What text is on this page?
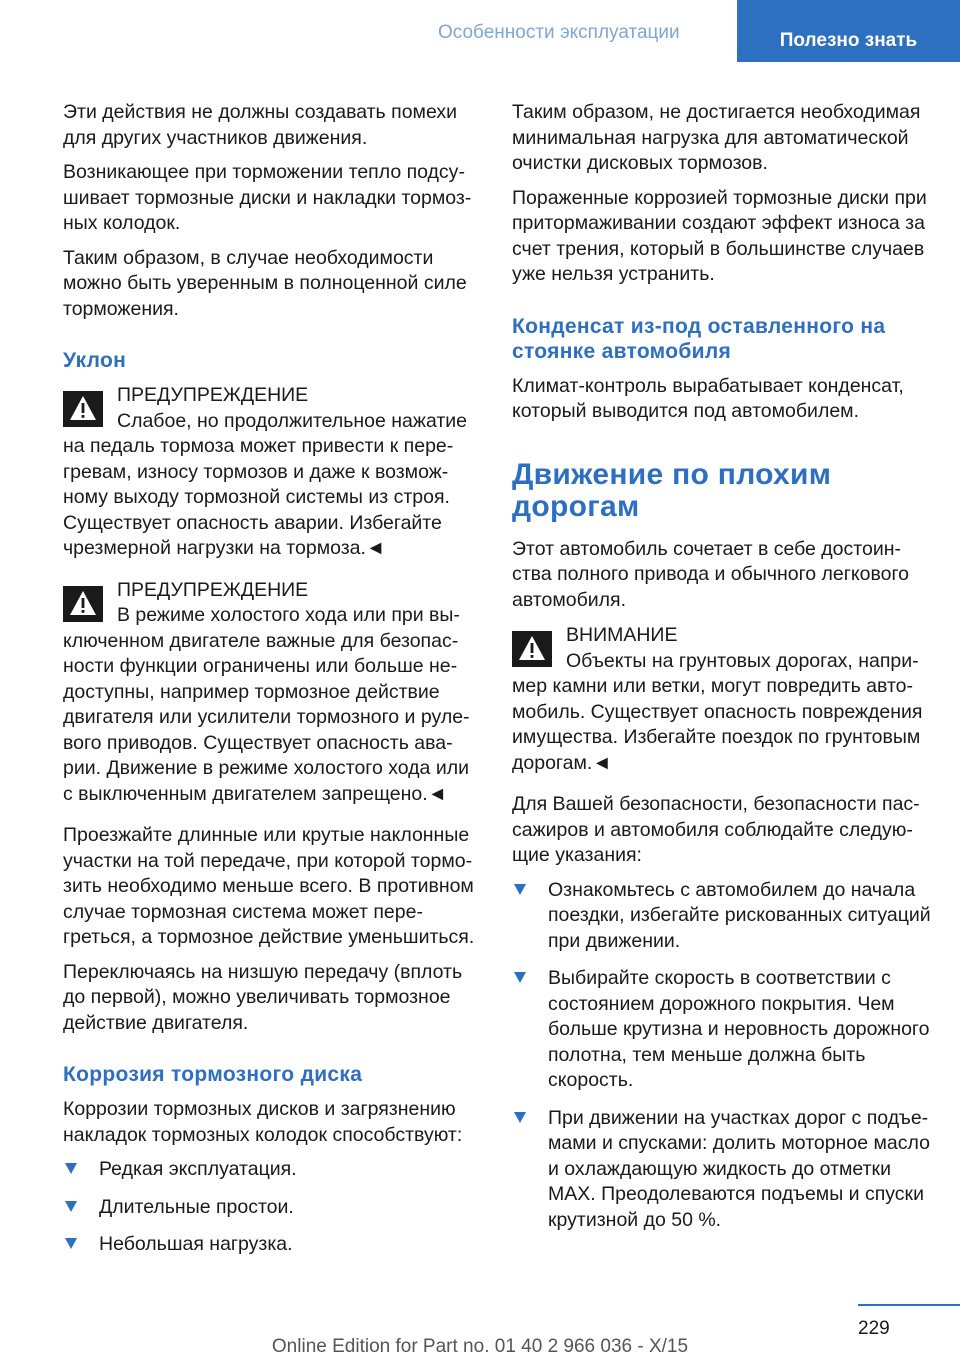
Особенности эксплуатации	Полезно знать

Эти действия не должны создавать помехи для других участников движения.

Возникающее при торможении тепло подсушивает тормозные диски и накладки тормозных колодок.

Таким образом, в случае необходимости можно быть уверенным в полноценной силе торможения.

Уклон
ПРЕДУПРЕЖДЕНИЕ
Слабое, но продолжительное нажатие на педаль тормоза может привести к перегревам, износу тормозов и даже к возможному выходу тормозной системы из строя. Существует опасность аварии. Избегайте чрезмерной нагрузки на тормоза.◄
ПРЕДУПРЕЖДЕНИЕ
В режиме холостого хода или при выключенном двигателе важные для безопасности функции ограничены или больше недоступны, например тормозное действие двигателя или усилители тормозного и рулевого приводов. Существует опасность аварии. Движение в режиме холостого хода или с выключенным двигателем запрещено.◄

Проезжайте длинные или крутые наклонные участки на той передаче, при которой тормозить необходимо меньше всего. В противном случае тормозная система может перегреться, а тормозное действие уменьшиться.

Переключаясь на низшую передачу (вплоть до первой), можно увеличивать тормозное действие двигателя.

Коррозия тормозного диска

Коррозии тормозных дисков и загрязнению накладок тормозных колодок способствуют:

Редкая эксплуатация.
Длительные простои.
Небольшая нагрузка.

Таким образом, не достигается необходимая минимальная нагрузка для автоматической очистки дисковых тормозов.

Пораженные коррозией тормозные диски при притормаживании создают эффект износа за счет трения, который в большинстве случаев уже нельзя устранить.

Конденсат из-под оставленного на стоянке автомобиля

Климат-контроль вырабатывает конденсат, который выводится под автомобилем.

Движение по плохим дорогам

Этот автомобиль сочетает в себе достоинства полного привода и обычного легкового автомобиля.

ВНИМАНИЕ
Объекты на грунтовых дорогах, например камни или ветки, могут повредить автомобиль. Существует опасность повреждения имущества. Избегайте поездок по грунтовым дорогам.◄

Для Вашей безопасности, безопасности пассажиров и автомобиля соблюдайте следующие указания:

Ознакомьтесь с автомобилем до начала поездки, избегайте рискованных ситуаций при движении.
Выбирайте скорость в соответствии с состоянием дорожного покрытия. Чем больше крутизна и неровность дорожного полотна, тем меньше должна быть скорость.
При движении на участках дорог с подъемами и спусками: долить моторное масло и охлаждающую жидкость до отметки MAX. Преодолеваются подъемы и спуски крутизной до 50 %.
229
Online Edition for Part no. 01 40 2 966 036 - X/15
